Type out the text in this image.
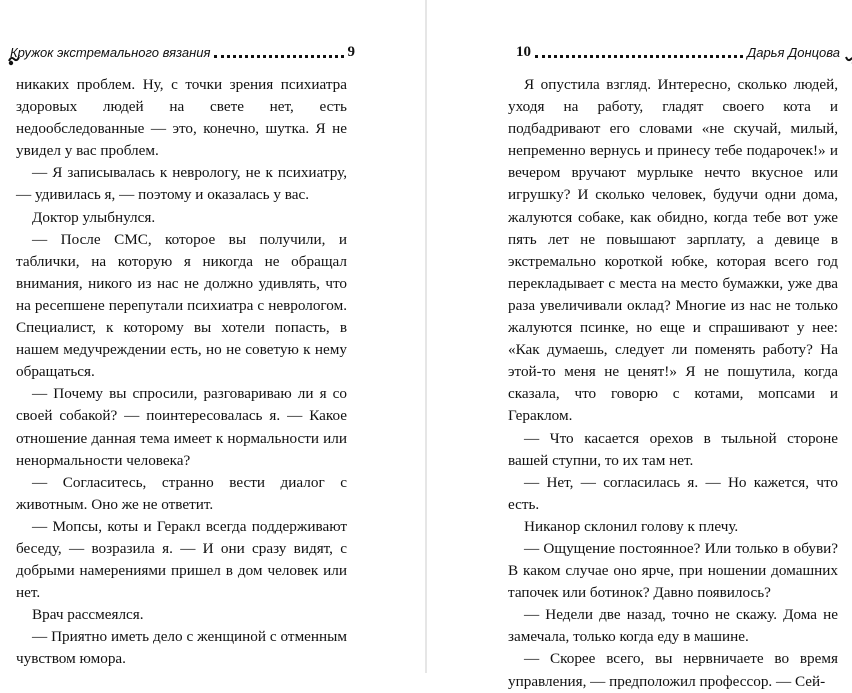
Кружок экстремального вязания	9

никаких проблем. Ну, с точки зрения психиатра здоровых людей на свете нет, есть недообследованные — это, конечно, шутка. Я не увидел у вас проблем.

— Я записывалась к неврологу, не к психиатру, — удивилась я, — поэтому и оказалась у вас.

Доктор улыбнулся.

— После СМС, которое вы получили, и таблички, на которую я никогда не обращал внимания, никого из нас не должно удивлять, что на ресепшене перепутали психиатра с неврологом. Специалист, к которому вы хотели попасть, в нашем медучреждении есть, но не советую к нему обращаться.

— Почему вы спросили, разговариваю ли я со своей собакой? — поинтересовалась я. — Какое отношение данная тема имеет к нормальности или ненормальности человека?

— Согласитесь, странно вести диалог с животным. Оно же не ответит.

— Мопсы, коты и Геракл всегда поддерживают беседу, — возразила я. — И они сразу видят, с добрыми намерениями пришел в дом человек или нет.

Врач рассмеялся.

— Приятно иметь дело с женщиной с отменным чувством юмора.

10	Дарья Донцова

Я опустила взгляд. Интересно, сколько людей, уходя на работу, гладят своего кота и подбадривают его словами «не скучай, милый, непременно вернусь и принесу тебе подарочек!» и вечером вручают мурлыке нечто вкусное или игрушку? И сколько человек, будучи одни дома, жалуются собаке, как обидно, когда тебе вот уже пять лет не повышают зарплату, а девице в экстремально короткой юбке, которая всего год перекладывает с места на место бумажки, уже два раза увеличивали оклад? Многие из нас не только жалуются псинке, но еще и спрашивают у нее: «Как думаешь, следует ли поменять работу? На этой-то меня не ценят!» Я не пошутила, когда сказала, что говорю с котами, мопсами и Гераклом.

— Что касается орехов в тыльной стороне вашей ступни, то их там нет.

— Нет, — согласилась я. — Но кажется, что есть.

Никанор склонил голову к плечу.

— Ощущение постоянное? Или только в обуви? В каком случае оно ярче, при ношении домашних тапочек или ботинок? Давно появилось?

— Недели две назад, точно не скажу. Дома не замечала, только когда еду в машине.

— Скорее всего, вы нервничаете во время управления, — предположил профессор. — Сей-
